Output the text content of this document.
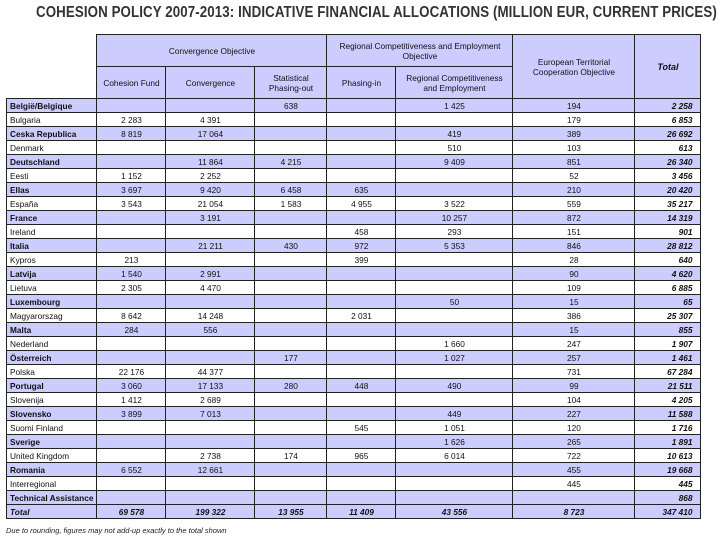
COHESION POLICY 2007-2013: INDICATIVE FINANCIAL ALLOCATIONS (MILLION EUR, CURRENT PRICES)
	Convergence Objective			Regional Competitiveness and Employment Objective		European Territorial Cooperation Objective	Total
	Cohesion Fund	Convergence	Statistical Phasing-out	Phasing-in	Regional Competitiveness and Employment		
België/Belgique			638		1 425	194	2 258
Bulgaria	2 283	4 391				179	6 853
Ceska Republica	8 819	17 064			419	389	26 692
Denmark					510	103	613
Deutschland		11 864	4 215		9 409	851	26 340
Eesti	1 152	2 252				52	3 456
Ellas	3 697	9 420	6 458	635		210	20 420
España	3 543	21 054	1 583	4 955	3 522	559	35 217
France		3 191			10 257	872	14 319
Ireland				458	293	151	901
Italia		21 211	430	972	5 353	846	28 812
Kypros	213			399		28	640
Latvija	1 540	2 991				90	4 620
Lietuva	2 305	4 470				109	6 885
Luxembourg					50	15	65
Magyarorszag	8 642	14 248		2 031		386	25 307
Malta	284	556				15	855
Nederland					1 660	247	1 907
Österreich			177		1 027	257	1 461
Polska	22 176	44 377				731	67 284
Portugal	3 060	17 133	280	448	490	99	21 511
Slovenija	1 412	2 689				104	4 205
Slovensko	3 899	7 013			449	227	11 588
Suomi Finland				545	1 051	120	1 716
Sverige					1 626	265	1 891
United Kingdom		2 738	174	965	6 014	722	10 613
Romania	6 552	12 661				455	19 668
Interregional						445	445
Technical Assistance							868
Total	69 578	199 322	13 955	11 409	43 556	8 723	347 410
Due to rounding, figures may not add-up exactly to the total shown
